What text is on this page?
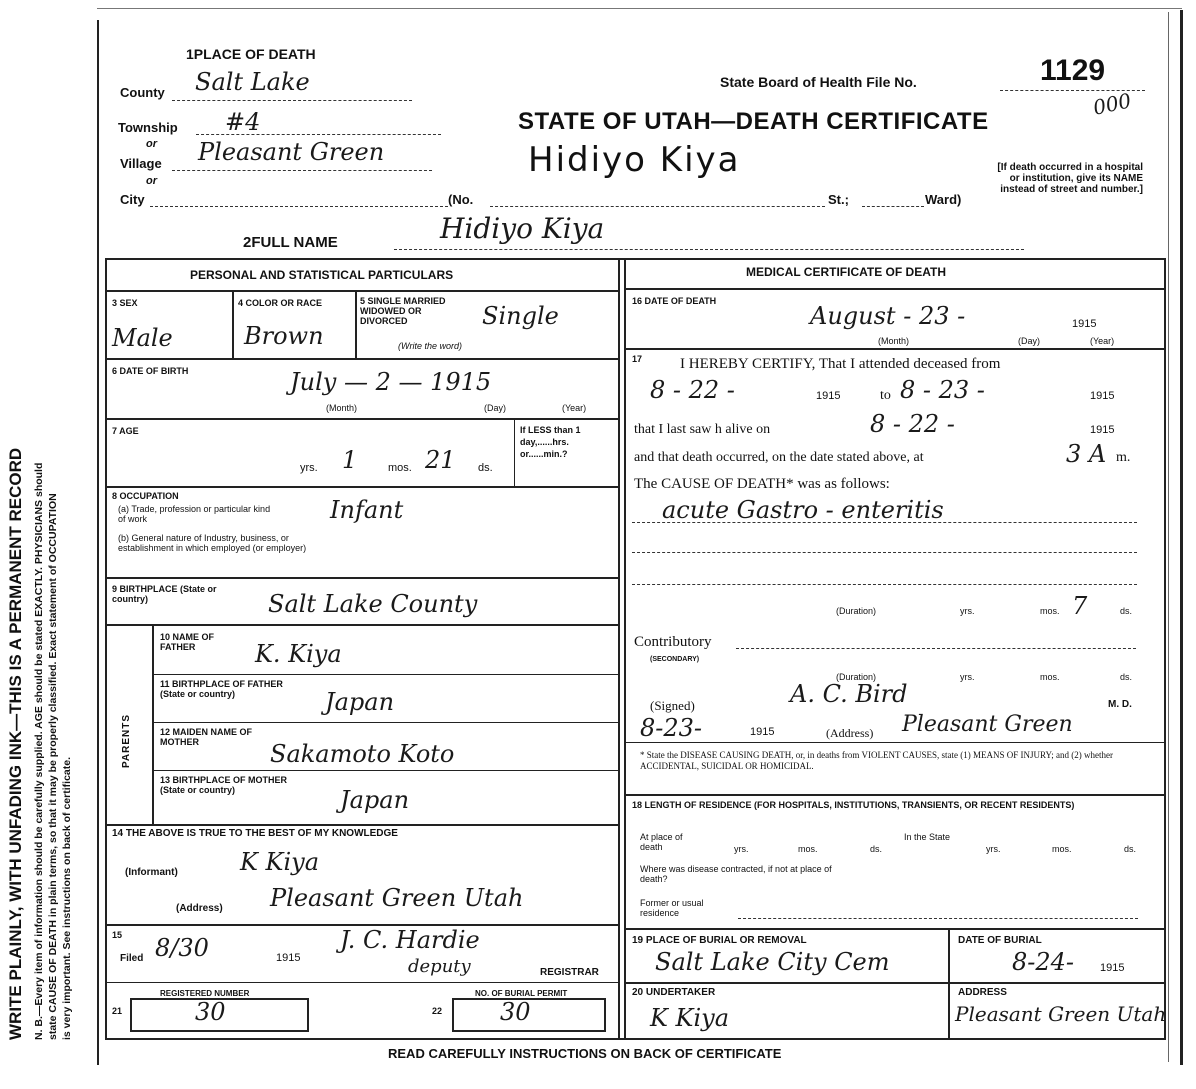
WRITE PLAINLY, WITH UNFADING INK—THIS IS A PERMANENT RECORD N. B.—Every item of information should be carefully supplied. AGE should be stated EXACTLY. PHYSICIANS should state CAUSE OF DEATH in plain terms, so that it may be properly classified. Exact statement of OCCUPATION is very important. See instructions on back of certificate.
1PLACE OF DEATH
County Salt Lake
Township #4
or
Village Pleasant Green
or
City	(No.	St.;	Ward)
[If death occurred in a hospital or institution, give its NAME instead of street and number.]
State Board of Health File No.	1129
STATE OF UTAH—DEATH CERTIFICATE
000
Hidiyo Kiya
2FULL NAME	Hidiyo Kiya
PERSONAL AND STATISTICAL PARTICULARS	MEDICAL CERTIFICATE OF DEATH
3 SEX
Male
4 COLOR OR RACE
Brown
5 SINGLE MARRIED WIDOWED OR DIVORCED
(Write the word)
Single
6 DATE OF BIRTH	July — 2 — 1915
(Month)	(Day)	(Year)
7 AGE	If LESS than 1 day,......hrs. or......min.?
yrs. 1	mos. 21 ds.
8 OCCUPATION
(a) Trade, profession or particular kind of work
(b) General nature of Industry, business, or establishment in which employed (or employer)
Infant
9 BIRTHPLACE (State or country)	Salt Lake County
PARENTS
10 NAME OF FATHER	K. Kiya
11 BIRTHPLACE OF FATHER (State or country)	Japan
12 MAIDEN NAME OF MOTHER	Sakamoto Koto
13 BIRTHPLACE OF MOTHER (State or country)	Japan
14 THE ABOVE IS TRUE TO THE BEST OF MY KNOWLEDGE
(Informant)	K Kiya
(Address) Pleasant Green Utah
15
Filed 8/30	1915
J. C. Hardie
deputy	REGISTRAR
REGISTERED NUMBER
21	30
NO. OF BURIAL PERMIT
22 30
16 DATE OF DEATH
August - 23 -	1915
(Month)	(Day)	(Year)
17	I HEREBY CERTIFY, That I attended deceased from
8 - 22 -	1915	to 8 - 23 -	1915
that I last saw h alive on	8 - 22 -	1915
and that death occurred, on the date stated above, at	3 A m.
The CAUSE OF DEATH* was as follows:
acute Gastro - enteritis
(Duration)	yrs.	mos. 7	ds.
Contributory
(SECONDARY)
(Duration)	yrs.	mos.	ds.
(Signed)	A. C. Bird	M. D.
8-23-	1915	(Address) Pleasant Green
* State the DISEASE CAUSING DEATH, or, in deaths from VIOLENT CAUSES, state (1) MEANS OF INJURY; and (2) whether ACCIDENTAL, SUICIDAL OR HOMICIDAL.
18 LENGTH OF RESIDENCE (FOR HOSPITALS, INSTITUTIONS, TRANSIENTS, OR RECENT RESIDENTS)
At place of death	yrs.	mos.	ds.
In the State
yrs.	mos.	ds.
Where was disease contracted, if not at place of death?
Former or usual residence
19 PLACE OF BURIAL OR REMOVAL
Salt Lake City Cem
DATE OF BURIAL
8-24- 1915
20 UNDERTAKER
K Kiya
ADDRESS
Pleasant Green Utah
READ CAREFULLY INSTRUCTIONS ON BACK OF CERTIFICATE
